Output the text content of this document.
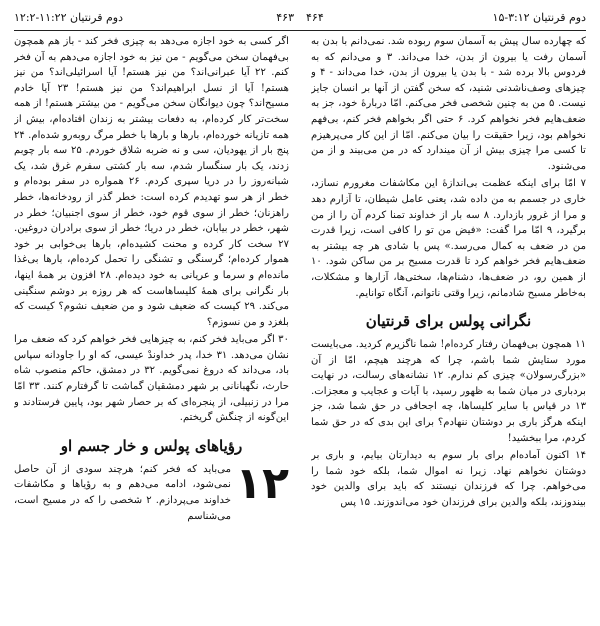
دوم قرنتیان ۳:۱۲-۱۵
۴۶۴
۴۶۳
دوم قرنتیان ۱۱:۲۲-۱۲:۲

که چهارده سال پیش به آسمان سوم ربوده شد. نمی‌دانم با بدن به آسمان رفت یا بیرون از بدن، خدا می‌داند. ۳ و می‌دانم که به فردوس بالا برده شد - با بدن یا بیرون از بدن، خدا می‌داند - ۴ و چیزهای وصف‌ناشدنی شنید، که سخن گفتن از آنها بر انسان جایز نیست. ۵ من به چنین شخصی فخر می‌کنم. امّا دربارهٔ خود، جز به ضعف‌هایم فخر نخواهم کرد. ۶ حتی اگر بخواهم فخر کنم، بی‌فهم نخواهم بود، زیرا حقیقت را بیان می‌کنم. امّا از این کار می‌پرهیزم تا کسی مرا چیزی بیش از آن میندارد که در من می‌بیند و از من می‌شنود.

۷ امّا برای اینکه عظمت بی‌اندازهٔ این مکاشفات مغرورم نسازد، خاری در جسمم به من داده شد، یعنی عامل شیطان، تا آزارم دهد و مرا از غرور بازدارد. ۸ سه بار از خداوند تمنا کردم آن را از من برگیرد، ۹ امّا مرا گفت: «فیض من تو را کافی است، زیرا قدرت من در ضعف به کمال می‌رسد.» پس با شادی هر چه بیشتر به ضعف‌هایم فخر خواهم کرد تا قدرت مسیح بر من ساکن شود. ۱۰ از همین رو، در ضعف‌ها، دشنام‌ها، سختی‌ها، آزارها و مشکلات، به‌خاطر مسیح شادمانم، زیرا وقتی ناتوانم، آنگاه توانایم.

نگرانی پولس برای قرنتیان

۱۱ همچون بی‌فهمان رفتار کرده‌ام! شما ناگزیرم کردید. می‌بایست مورد ستایش شما باشم، چرا که هرچند هیچم، امّا از آن «بزرگ‌رسولان» چیزی کم ندارم. ۱۲ نشانه‌های رسالت، در نهایت بردباری در میان شما به ظهور رسید، با آیات و عجایب و معجزات. ۱۳ در قیاس با سایر کلیساها، چه اجحافی در حق شما شد، جز اینکه هرگز باری بر دوشتان ننهادم؟ برای این بدی که در حق شما کردم، مرا ببخشید!

۱۴ اکنون آماده‌ام برای بار سوم به دیدارتان بیایم، و باری بر دوشتان نخواهم نهاد. زیرا نه اموال شما، بلکه خود شما را می‌خواهم. چرا که فرزندان نیستند که باید برای والدین خود بیندوزند، بلکه والدین برای فرزندان خود می‌اندوزند. ۱۵ پس

اگر کسی به خود اجازه می‌دهد به چیزی فخر کند - باز هم همچون بی‌فهمان سخن می‌گویم - من نیز به خود اجازه می‌دهم به آن فخر کنم. ۲۲ آیا عبرانی‌اند؟ من نیز هستم! آیا اسرائیلی‌اند؟ من نیز هستم! آیا از نسل ابراهیم‌اند؟ من نیز هستم! ۲۳ آیا خادم مسیح‌اند؟ چون دیوانگان سخن می‌گویم - من بیشتر هستم! از همه سخت‌تر کار کرده‌ام، به دفعات بیشتر به زندان افتاده‌ام، بیش از همه تازیانه خورده‌ام، بارها و بارها با خطر مرگ روبه‌رو شده‌ام. ۲۴ پنج بار از یهودیان، سی و نه ضربه شلاق خوردم. ۲۵ سه بار چوبم زدند، یک بار سنگسار شدم، سه بار کشتی سفرم غرق شد، یک شبانه‌روز را در دریا سپری کردم. ۲۶ همواره در سفر بوده‌ام و خطر از هر سو تهدیدم کرده است: خطر گذر از رودخانه‌ها، خطر راهزنان؛ خطر از سوی قوم خود، خطر از سوی اجنبیان؛ خطر در شهر، خطر در بیابان، خطر در دریا؛ خطر از سوی برادران دروغین. ۲۷ سخت کار کرده و محنت کشیده‌ام، بارها بی‌خوابی بر خود هموار کرده‌ام؛ گرسنگی و تشنگی را تحمل کرده‌ام، بارها بی‌غذا مانده‌ام و سرما و عریانی به خود دیده‌ام. ۲۸ افزون بر همهٔ اینها، بار نگرانی برای همهٔ کلیساهاست که هر روزه بر دوشم سنگینی می‌کند. ۲۹ کیست که ضعیف شود و من ضعیف نشوم؟ کیست که بلغزد و من نسوزم؟

۳۰ اگر می‌باید فخر کنم، به چیزهایی فخر خواهم کرد که ضعف مرا نشان می‌دهد. ۳۱ خدا، پدر خداوندْ عیسی، که او را جاودانه سپاس باد، می‌داند که دروغ نمی‌گویم. ۳۲ در دمشق، حاکم منصوب شاه حارث، نگهبانانی بر شهر دمشقیان گماشت تا گرفتارم کنند. ۳۳ امّا مرا در زنبیلی، از پنجره‌ای که بر حصار شهر بود، پایین فرستادند و این‌گونه از چنگش گریختم.

رؤیاهای پولس و خار جسم او
۱۲
می‌باید که فخر کنم؛ هرچند سودی از آن حاصل نمی‌شود، ادامه می‌دهم و به رؤیاها و مکاشفات خداوند می‌پردازم. ۲ شخصی را که در مسیح است، می‌شناسم
